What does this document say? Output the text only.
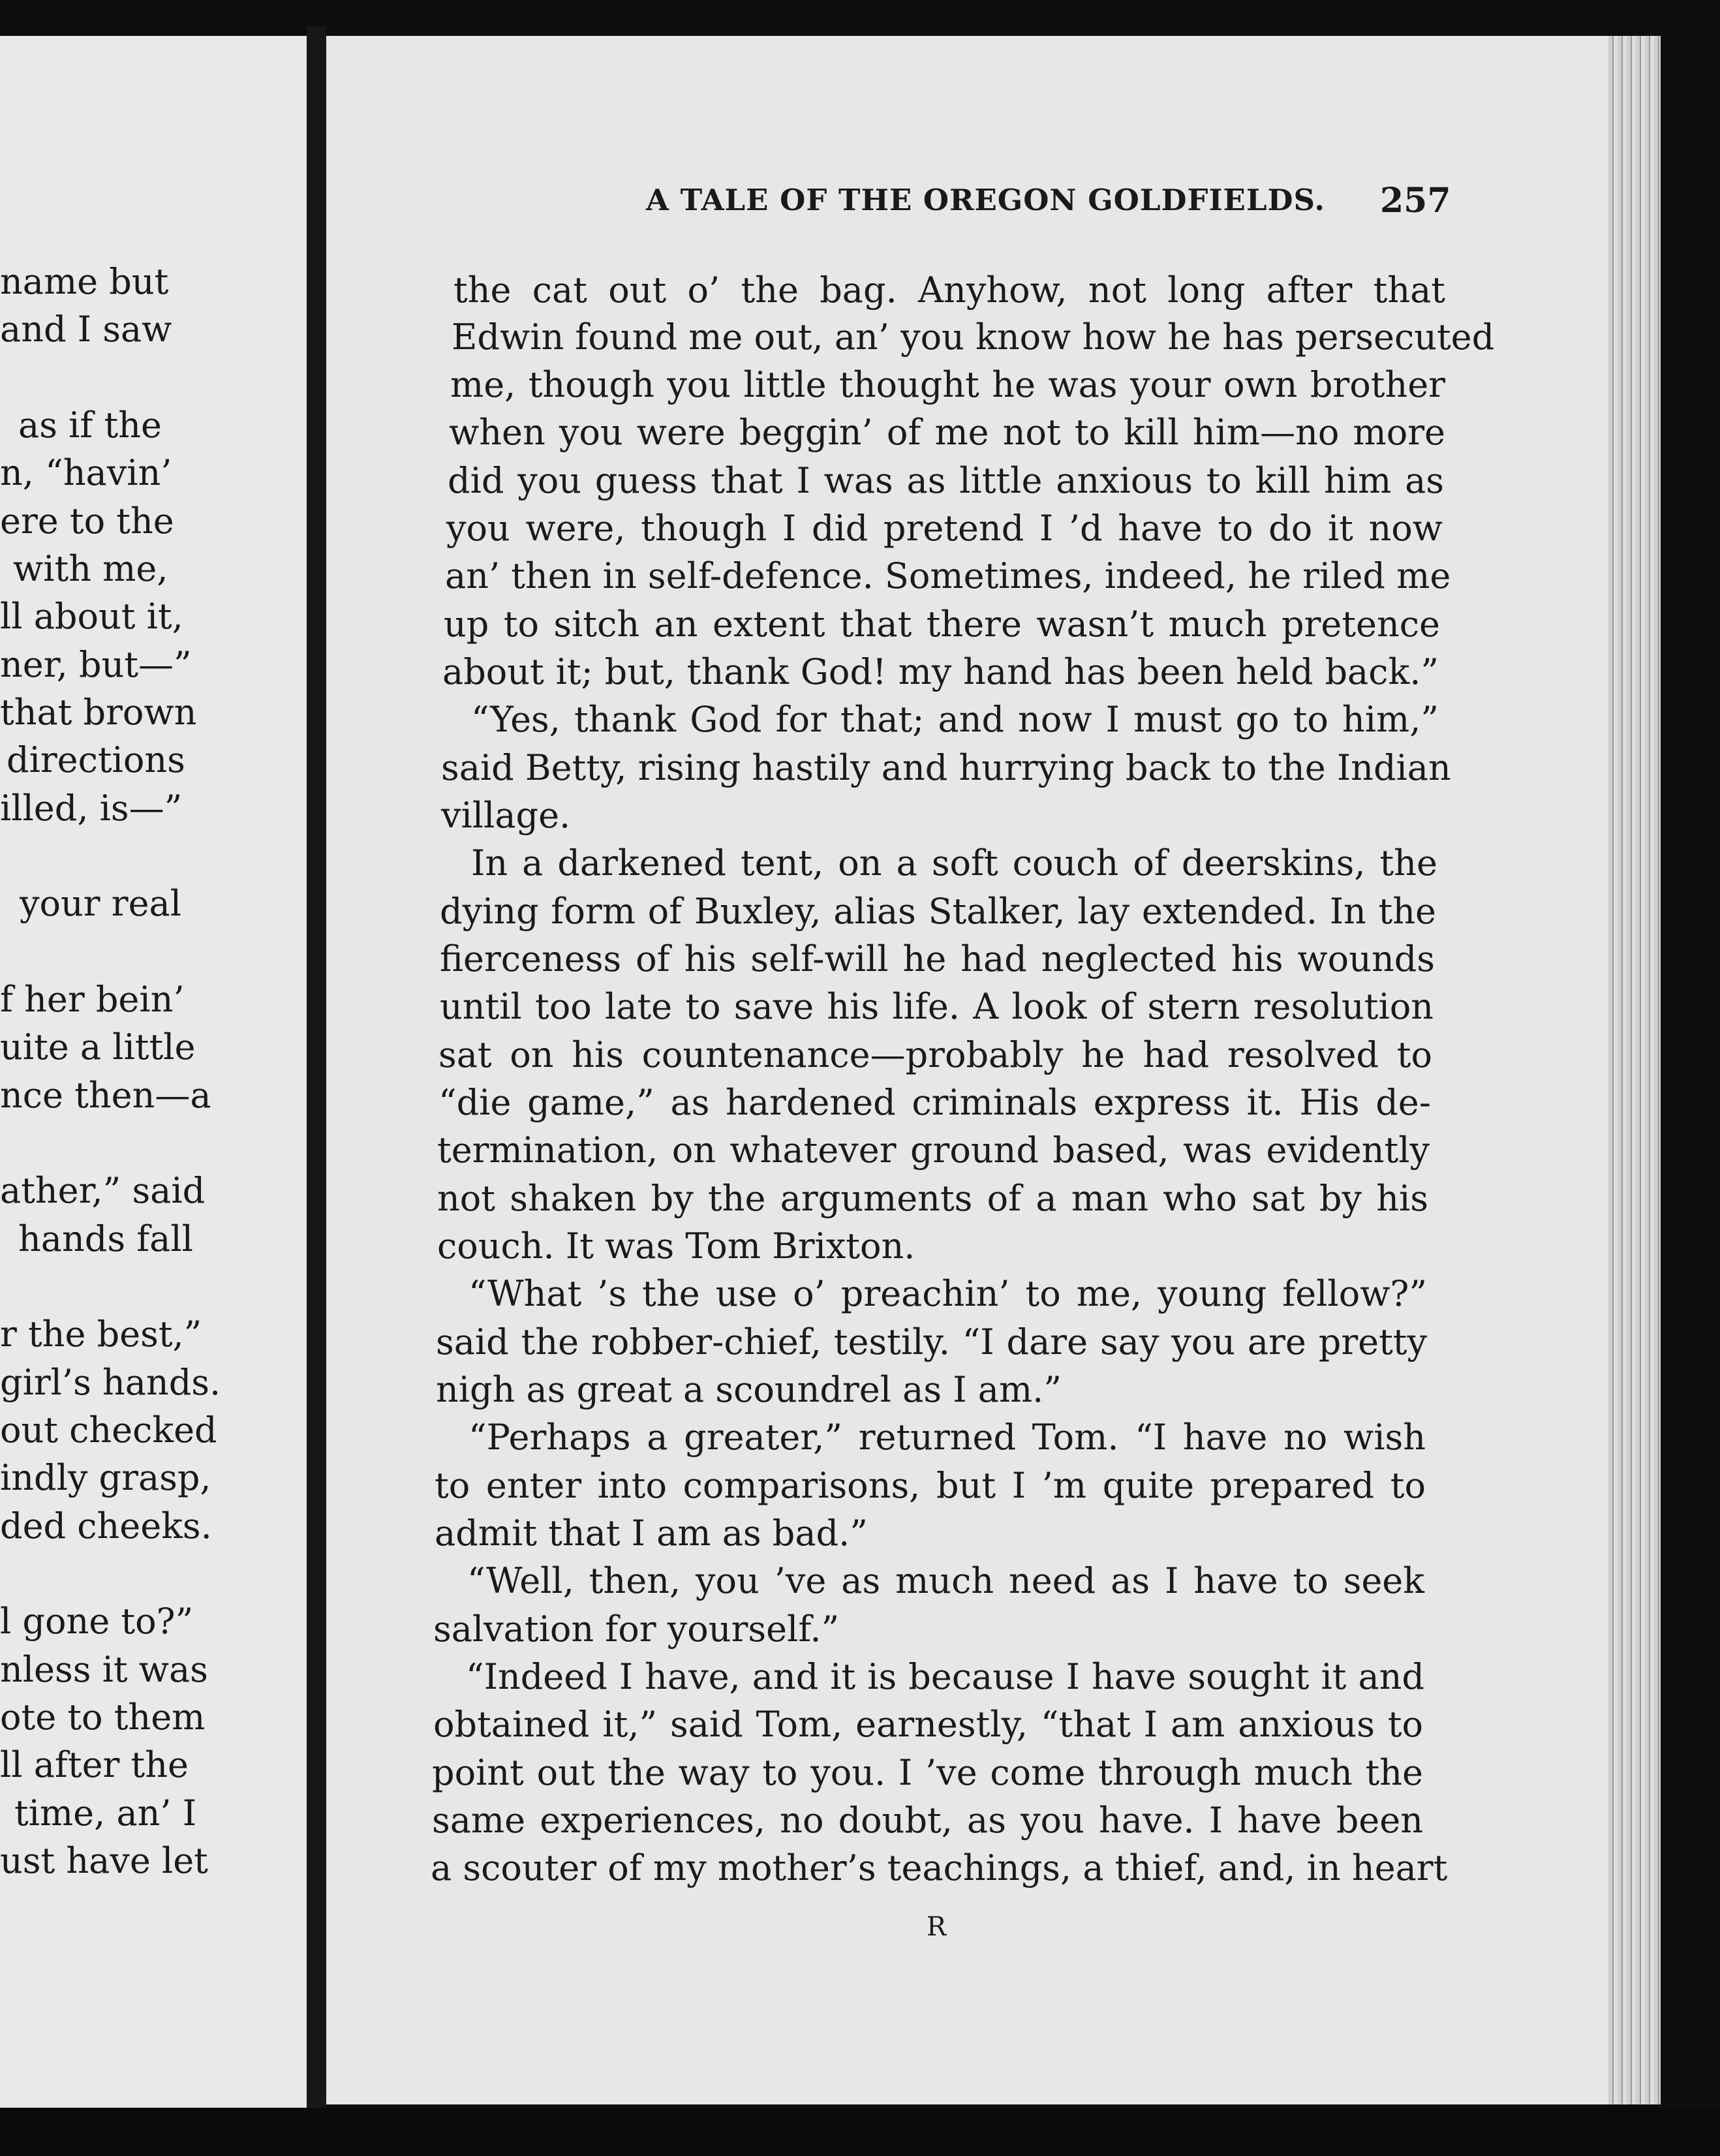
name but
and I saw
as if the
n, “havin’
ere to the
with me,
ll about it,
ner, but—”
that brown
directions
illed, is—”
your real
f her bein’
uite a little
nce then—a
ather,” said
hands fall
r the best,”
girl’s hands.
out checked
indly grasp,
ded cheeks.
l gone to?”
nless it was
ote to them
ll after the
time, an’ I
ust have let
A TALE OF THE OREGON GOLDFIELDS.	257
the cat out o’ the bag. Anyhow, not long after that
Edwin found me out, an’ you know how he has persecuted
me, though you little thought he was your own brother
when you were beggin’ of me not to kill him—no more
did you guess that I was as little anxious to kill him as
you were, though I did pretend I ’d have to do it now
an’ then in self-defence. Sometimes, indeed, he riled me
up to sitch an extent that there wasn’t much pretence
about it; but, thank God! my hand has been held back.”
“Yes, thank God for that; and now I must go to him,”
said Betty, rising hastily and hurrying back to the Indian
village.
In a darkened tent, on a soft couch of deerskins, the
dying form of Buxley, alias Stalker, lay extended. In the
fierceness of his self-will he had neglected his wounds
until too late to save his life. A look of stern resolution
sat on his countenance—probably he had resolved to
“die game,” as hardened criminals express it. His de-
termination, on whatever ground based, was evidently
not shaken by the arguments of a man who sat by his
couch. It was Tom Brixton.
“What ’s the use o’ preachin’ to me, young fellow?”
said the robber-chief, testily. “I dare say you are pretty
nigh as great a scoundrel as I am.”
“Perhaps a greater,” returned Tom. “I have no wish
to enter into comparisons, but I ’m quite prepared to
admit that I am as bad.”
“Well, then, you ’ve as much need as I have to seek
salvation for yourself.”
“Indeed I have, and it is because I have sought it and
obtained it,” said Tom, earnestly, “that I am anxious to
point out the way to you. I ’ve come through much the
same experiences, no doubt, as you have. I have been
a scouter of my mother’s teachings, a thief, and, in heart
R
